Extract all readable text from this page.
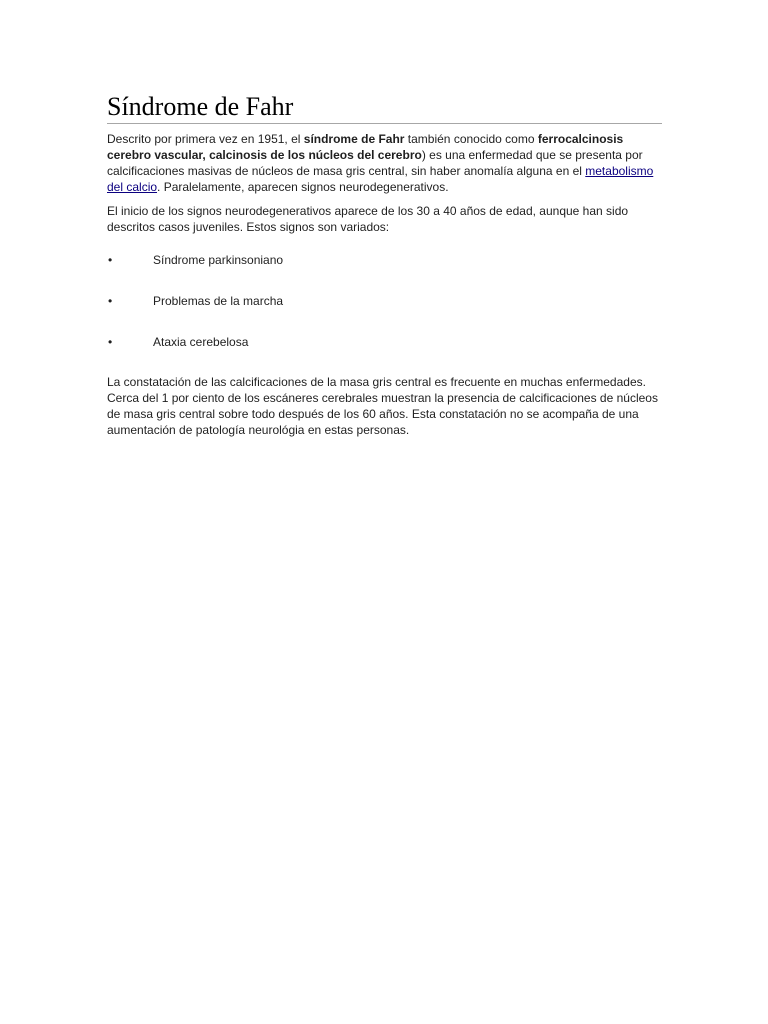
Síndrome de Fahr

Descrito por primera vez en 1951, el síndrome de Fahr también conocido como ferrocalcinosis cerebro vascular, calcinosis de los núcleos del cerebro) es una enfermedad que se presenta por calcificaciones masivas de núcleos de masa gris central, sin haber anomalía alguna en el metabolismo del calcio. Paralelamente, aparecen signos neurodegenerativos.

El inicio de los signos neurodegenerativos aparece de los 30 a 40 años de edad, aunque han sido descritos casos juveniles. Estos signos son variados:

•	Síndrome parkinsoniano
•	Problemas de la marcha
•	Ataxia cerebelosa

La constatación de las calcificaciones de la masa gris central es frecuente en muchas enfermedades. Cerca del 1 por ciento de los escáneres cerebrales muestran la presencia de calcificaciones de núcleos de masa gris central sobre todo después de los 60 años. Esta constatación no se acompaña de una aumentación de patología neurológia en estas personas.
